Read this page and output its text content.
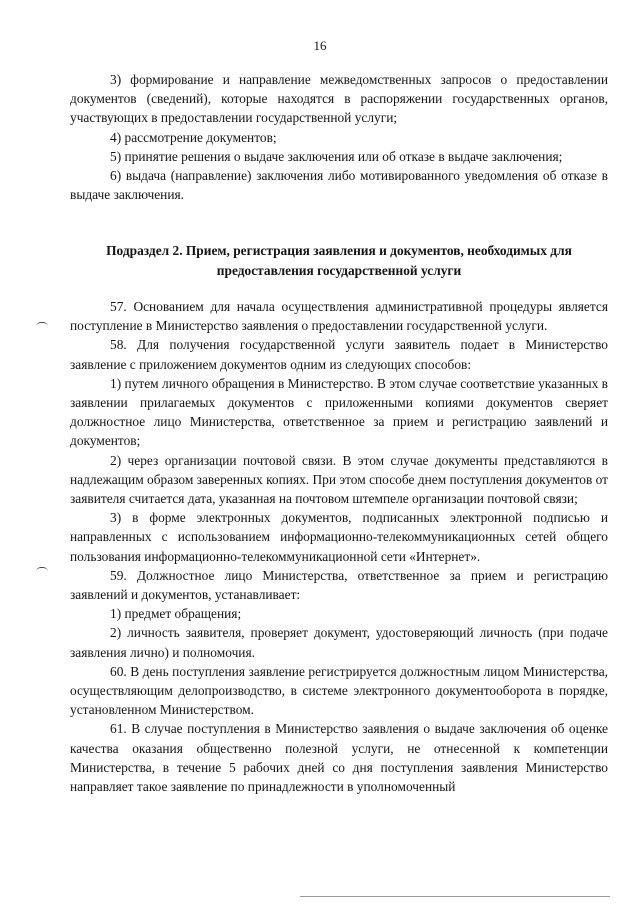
16

3) формирование и направление межведомственных запросов о предоставлении документов (сведений), которые находятся в распоряжении государственных органов, участвующих в предоставлении государственной услуги;

4) рассмотрение документов;

5) принятие решения о выдаче заключения или об отказе в выдаче заключения;

6) выдача (направление) заключения либо мотивированного уведомления об отказе в выдаче заключения.

Подраздел 2. Прием, регистрация заявления и документов, необходимых для предоставления государственной услуги

57. Основанием для начала осуществления административной процедуры является поступление в Министерство заявления о предоставлении государственной услуги.

58. Для получения государственной услуги заявитель подает в Министерство заявление с приложением документов одним из следующих способов:

1) путем личного обращения в Министерство. В этом случае соответствие указанных в заявлении прилагаемых документов с приложенными копиями документов сверяет должностное лицо Министерства, ответственное за прием и регистрацию заявлений и документов;

2) через организации почтовой связи. В этом случае документы представляются в надлежащим образом заверенных копиях. При этом способе днем поступления документов от заявителя считается дата, указанная на почтовом штемпеле организации почтовой связи;

3) в форме электронных документов, подписанных электронной подписью и направленных с использованием информационно-телекоммуникационных сетей общего пользования информационно-телекоммуникационной сети «Интернет».

59. Должностное лицо Министерства, ответственное за прием и регистрацию заявлений и документов, устанавливает:

1) предмет обращения;

2) личность заявителя, проверяет документ, удостоверяющий личность (при подаче заявления лично) и полномочия.

60. В день поступления заявление регистрируется должностным лицом Министерства, осуществляющим делопроизводство, в системе электронного документооборота в порядке, установленном Министерством.

61. В случае поступления в Министерство заявления о выдаче заключения об оценке качества оказания общественно полезной услуги, не отнесенной к компетенции Министерства, в течение 5 рабочих дней со дня поступления заявления Министерство направляет такое заявление по принадлежности в уполномоченный
